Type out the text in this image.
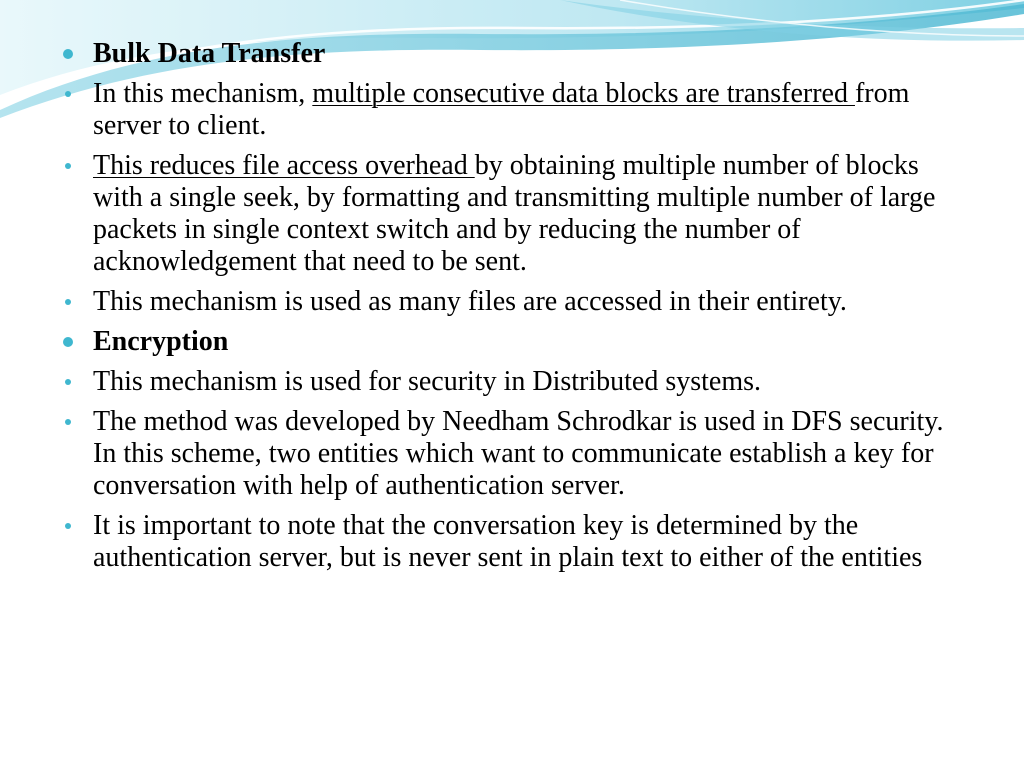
Bulk Data Transfer
In this mechanism, multiple consecutive data blocks are transferred from server to client.
This reduces file access overhead by obtaining multiple number of blocks with a single seek, by formatting and transmitting multiple number of large packets in single context switch and by reducing the number of acknowledgement that need to be sent.
This mechanism is used as many files are accessed in their entirety.
Encryption
This mechanism is used for security in Distributed systems.
The method was developed by Needham Schrodkar is used in DFS security. In this scheme, two entities which want to communicate establish a key for conversation with help of authentication server.
It is important to note that the conversation key is determined by the authentication server, but is never sent in plain text to either of the entities
